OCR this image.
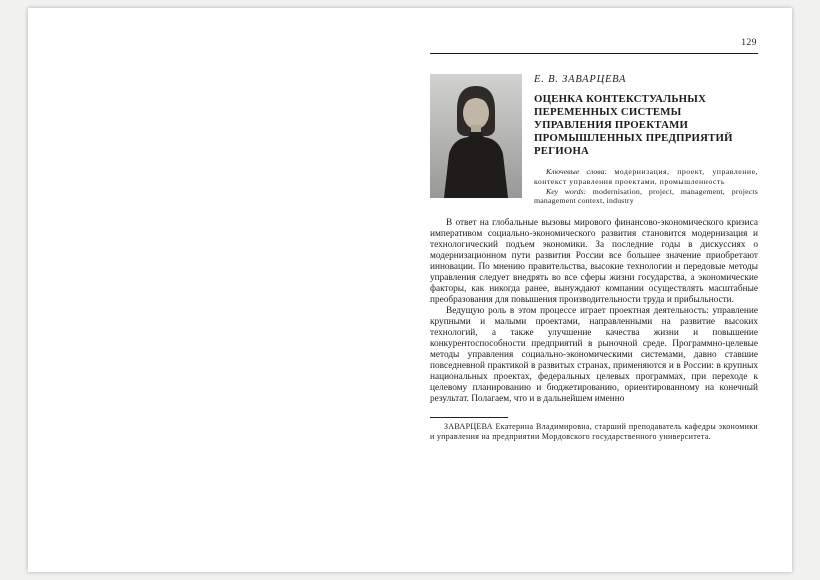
129

Е. В. ЗАВАРЦЕВА

ОЦЕНКА КОНТЕКСТУАЛЬНЫХ ПЕРЕМЕННЫХ СИСТЕМЫ УПРАВЛЕНИЯ ПРОЕКТАМИ ПРОМЫШЛЕННЫХ ПРЕДПРИЯТИЙ РЕГИОНА

Ключевые слова: модернизация, проект, управление, контекст управления проектами, промышленность

Key words: modernisation, project, management, projects management context, industry

В ответ на глобальные вызовы мирового финансово-экономического кризиса императивом социально-экономического развития становится модернизация и технологический подъем экономики. За последние годы в дискуссиях о модернизационном пути развития России все большее значение приобретают инновации. По мнению правительства, высокие технологии и передовые методы управления следует внедрять во все сферы жизни государства, а экономические факторы, как никогда ранее, вынуждают компании осуществлять масштабные преобразования для повышения производительности труда и прибыльности.

Ведущую роль в этом процессе играет проектная деятельность: управление крупными и малыми проектами, направленными на развитие высоких технологий, а также улучшение качества жизни и повышение конкурентоспособности предприятий в рыночной среде. Программно-целевые методы управления социально-экономическими системами, давно ставшие повседневной практикой в развитых странах, применяются и в России: в крупных национальных проектах, федеральных целевых программах, при переходе к целевому планированию и бюджетированию, ориентированному на конечный результат. Полагаем, что и в дальнейшем именно

ЗАВАРЦЕВА Екатерина Владимировна, старший преподаватель кафедры экономики и управления на предприятии Мордовского государственного университета.
